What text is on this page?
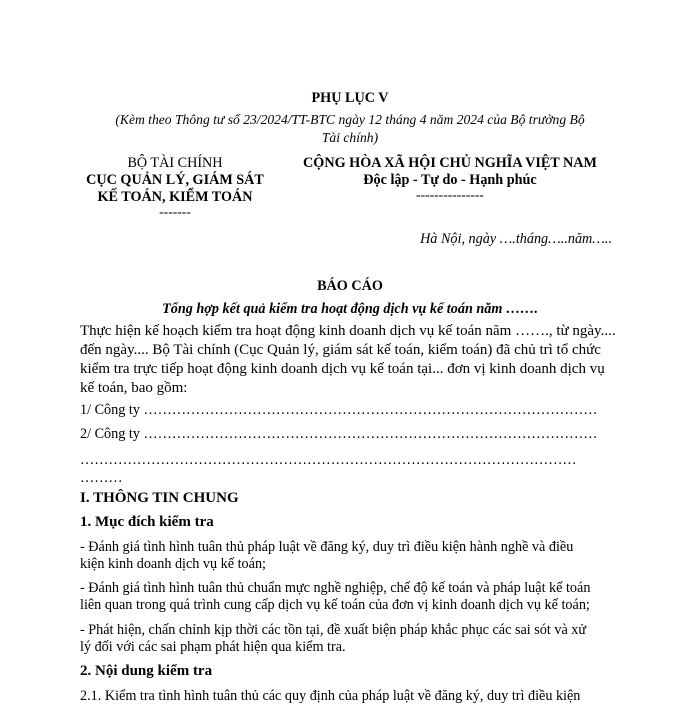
PHỤ LỤC V
(Kèm theo Thông tư số 23/2024/TT-BTC ngày 12 tháng 4 năm 2024 của Bộ trưởng Bộ
Tài chính)
BỘ TÀI CHÍNH
CỤC QUẢN LÝ, GIÁM SÁT
KẾ TOÁN, KIỂM TOÁN
-------
CỘNG HÒA XÃ HỘI CHỦ NGHĨA VIỆT NAM
Độc lập - Tự do - Hạnh phúc
---------------
Hà Nội, ngày ….tháng…..năm…..
BÁO CÁO
Tổng hợp kết quả kiểm tra hoạt động dịch vụ kế toán năm …….
Thực hiện kế hoạch kiểm tra hoạt động kinh doanh dịch vụ kế toán năm ……., từ ngày....
đến ngày.... Bộ Tài chính (Cục Quản lý, giám sát kế toán, kiểm toán) đã chủ trì tổ chức
kiểm tra trực tiếp hoạt động kinh doanh dịch vụ kế toán tại... đơn vị kinh doanh dịch vụ
kế toán, bao gồm:
1/ Công ty ……………………………………………………………………………………
2/ Công ty ……………………………………………………………………………………
……………………………………………………………………………………………
………
I. THÔNG TIN CHUNG
1. Mục đích kiểm tra
- Đánh giá tình hình tuân thủ pháp luật về đăng ký, duy trì điều kiện hành nghề và điều
kiện kinh doanh dịch vụ kế toán;
- Đánh giá tình hình tuân thủ chuẩn mực nghề nghiệp, chế độ kế toán và pháp luật kế toán
liên quan trong quá trình cung cấp dịch vụ kế toán của đơn vị kinh doanh dịch vụ kế toán;
- Phát hiện, chấn chỉnh kịp thời các tồn tại, đề xuất biện pháp khắc phục các sai sót và xử
lý đối với các sai phạm phát hiện qua kiểm tra.
2. Nội dung kiểm tra
2.1. Kiểm tra tình hình tuân thủ các quy định của pháp luật về đăng ký, duy trì điều kiện
